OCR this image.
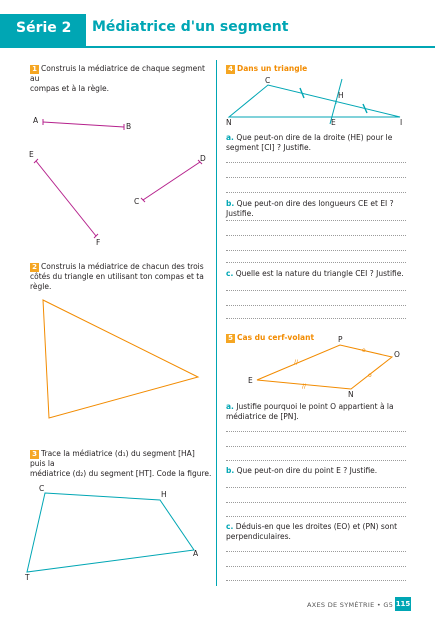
Série 2 Médiatrice d'un segment
1 Construis la médiatrice de chaque segment au
compas et à la règle.
2 Construis la médiatrice de chacun des trois
côtés du triangle en utilisant ton compas et ta
règle.
3 Trace la médiatrice (d₁) du segment [HA] puis la
médiatrice (d₂) du segment [HT]. Code la figure.
//
//
o
o
A
B
E
F
C
D
C
H
A
T
4 Dans un triangle
C
H
N	E	I
a. Que peut-on dire de la droite (HE) pour le
segment [CI] ? Justifie.
b. Que peut-on dire des longueurs CE et EI ? Justifie.
c. Quelle est la nature du triangle CEI ? Justifie.
5 Cas du cerf-volant	P
O
E
N
a. Justifie pourquoi le point O appartient à la
médiatrice de [PN].
b. Que peut-on dire du point E ? Justifie.
c. Déduis-en que les droites (EO) et (PN) sont
perpendiculaires.
AXES DE SYMÉTRIE • G5 115
